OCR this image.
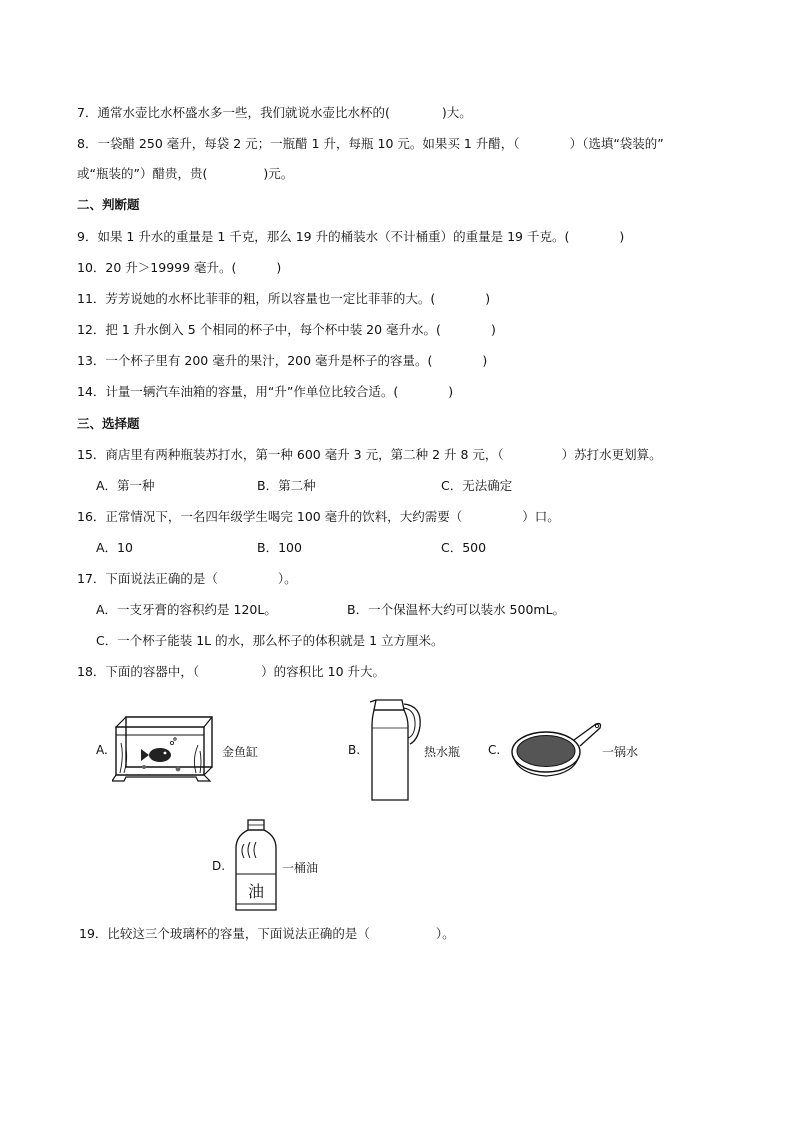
7．通常水壶比水杯盛水多一些，我们就说水壶比水杯的(	)大。
8．一袋醋 250 毫升，每袋 2 元；一瓶醋 1 升，每瓶 10 元。如果买 1 升醋，（	）（选填“袋装的”
或“瓶装的”）醋贵，贵(	)元。
二、判断题
9．如果 1 升水的重量是 1 千克，那么 19 升的桶装水（不计桶重）的重量是 19 千克。(	)
10．20 升＞19999 毫升。(	)
11．芳芳说她的水杯比菲菲的粗，所以容量也一定比菲菲的大。(	)
12．把 1 升水倒入 5 个相同的杯子中，每个杯中装 20 毫升水。(	)
13．一个杯子里有 200 毫升的果汁，200 毫升是杯子的容量。(	)
14．计量一辆汽车油箱的容量，用“升”作单位比较合适。(	)
三、选择题
15．商店里有两种瓶装苏打水，第一种 600 毫升 3 元，第二种 2 升 8 元，（	）苏打水更划算。
A．第一种	B．第二种	C．无法确定
16．正常情况下，一名四年级学生喝完 100 毫升的饮料，大约需要（	）口。
A．10	B．100	C．500
17．下面说法正确的是（	）。
A．一支牙膏的容积约是 120L。	B．一个保温杯大约可以装水 500mL。
C．一个杯子能装 1L 的水，那么杯子的体积就是 1 立方厘米。
18．下面的容器中，（	）的容积比 10 升大。
A.	金鱼缸	B.	热水瓶 C.	一锅水
D.
油
一桶油
19．比较这三个玻璃杯的容量，下面说法正确的是（	）。
